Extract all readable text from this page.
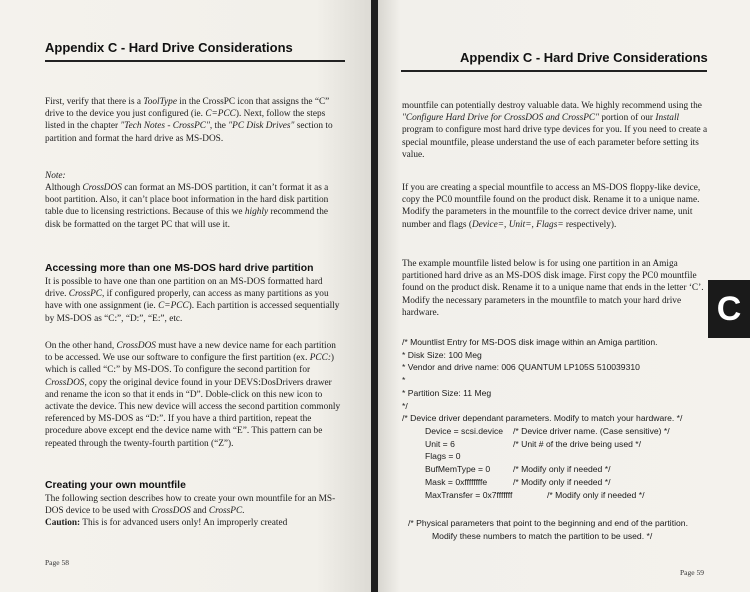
Appendix C - Hard Drive Considerations

First, verify that there is a ToolType in the CrossPC icon that assigns the “C” drive to the device you just configured (ie. C=PCC). Next, follow the steps listed in the chapter "Tech Notes - CrossPC", the "PC Disk Drives" section to partition and format the hard drive as MS-DOS.

Note:

Although CrossDOS can format an MS-DOS partition, it can’t format it as a boot partition. Also, it can’t place boot information in the hard disk partition table due to licensing restrictions. Because of this we highly recommend the disk be formatted on the target PC that will use it.

Accessing more than one MS-DOS hard drive partition

It is possible to have one than one partition on an MS-DOS formatted hard drive. CrossPC, if configured properly, can access as many partitions as you have with one assignment (ie. C=PCC). Each partition is accessed sequentially by MS-DOS as “C:”, “D:”, “E:”, etc.

On the other hand, CrossDOS must have a new device name for each partition to be accessed. We use our software to configure the first partition (ex. PCC:) which is called “C:” by MS-DOS. To configure the second partition for CrossDOS, copy the original device found in your DEVS:DosDrivers drawer and rename the icon so that it ends in “D”. Doble-click on this new icon to activate the device. This new device will access the second partition commonly referenced by MS-DOS as “D:”. If you have a third partition, repeat the procedure above except end the device name with “E”. This pattern can be repeated through the twenty-fourth partition (“Z”).

Creating your own mountfile

The following section describes how to create your own mountfile for an MS-DOS device to be used with CrossDOS and CrossPC.
Caution: This is for advanced users only! An improperly created

Page 58
Appendix C - Hard Drive Considerations

mountfile can potentially destroy valuable data. We highly recommend using the "Configure Hard Drive for CrossDOS and CrossPC" portion of our Install program to configure most hard drive type devices for you. If you need to create a special mountfile, please understand the use of each parameter before setting its value.

If you are creating a special mountfile to access an MS-DOS floppy-like device, copy the PC0 mountfile found on the product disk. Rename it to a unique name. Modify the parameters in the mountfile to the correct device driver name, unit number and flags (Device=, Unit=, Flags= respectively).

The example mountfile listed below is for using one partition in an Amiga partitioned hard drive as an MS-DOS disk image. First copy the PC0 mountfile found on the product disk. Rename it to a unique name that ends in the letter ‘C’. Modify the necessary parameters in the mountfile to match your hard drive hardware.

/* Mountlist Entry for MS-DOS disk image within an Amiga partition.
* Disk Size: 100 Meg
* Vendor and drive name: 006 QUANTUM LP105S 510039310
*
* Partition Size: 11 Meg
*/
/* Device driver dependant parameters. Modify to match your hardware. */
Device = scsi.device /* Device driver name. (Case sensitive) */
Unit = 6	/* Unit # of the drive being used */
Flags = 0
BufMemType = 0	/* Modify only if needed */
Mask = 0xffffffffe	/* Modify only if needed */
MaxTransfer = 0x7fffffff	/* Modify only if needed */
/* Physical parameters that point to the beginning and end of the partition.
Modify these numbers to match the partition to be used. */
Page 59
C
